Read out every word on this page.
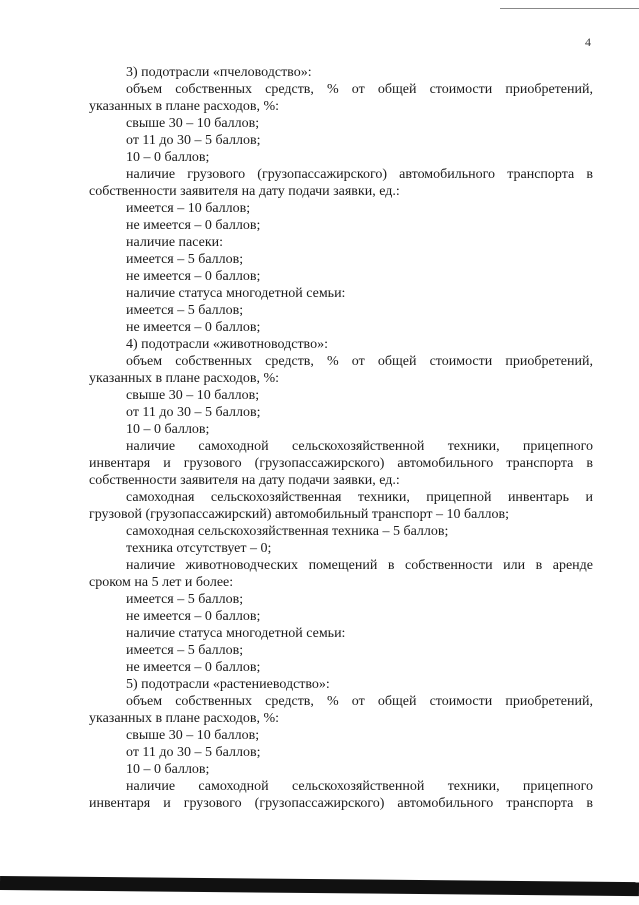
4

3) подотрасли «пчеловодство»:

объем собственных средств, % от общей стоимости приобретений,

указанных в плане расходов, %:

свыше 30 – 10 баллов;

от 11 до 30 – 5 баллов;

10 – 0 баллов;

наличие грузового (грузопассажирского) автомобильного транспорта в

собственности заявителя на дату подачи заявки, ед.:

имеется – 10 баллов;

не имеется – 0 баллов;

наличие пасеки:

имеется – 5 баллов;

не имеется – 0 баллов;

наличие статуса многодетной семьи:

имеется – 5 баллов;

не имеется – 0 баллов;

4) подотрасли «животноводство»:

объем собственных средств, % от общей стоимости приобретений,

указанных в плане расходов, %:

свыше 30 – 10 баллов;

от 11 до 30 – 5 баллов;

10 – 0 баллов;

наличие самоходной сельскохозяйственной техники, прицепного

инвентаря и грузового (грузопассажирского) автомобильного транспорта в

собственности заявителя на дату подачи заявки, ед.:

самоходная сельскохозяйственная техники, прицепной инвентарь и

грузовой (грузопассажирский) автомобильный транспорт – 10 баллов;

самоходная сельскохозяйственная техника – 5 баллов;

техника отсутствует – 0;

наличие животноводческих помещений в собственности или в аренде

сроком на 5 лет и более:

имеется – 5 баллов;

не имеется – 0 баллов;

наличие статуса многодетной семьи:

имеется – 5 баллов;

не имеется – 0 баллов;

5) подотрасли «растениеводство»:

объем собственных средств, % от общей стоимости приобретений,

указанных в плане расходов, %:

свыше 30 – 10 баллов;

от 11 до 30 – 5 баллов;

10 – 0 баллов;

наличие самоходной сельскохозяйственной техники, прицепного

инвентаря и грузового (грузопассажирского) автомобильного транспорта в
